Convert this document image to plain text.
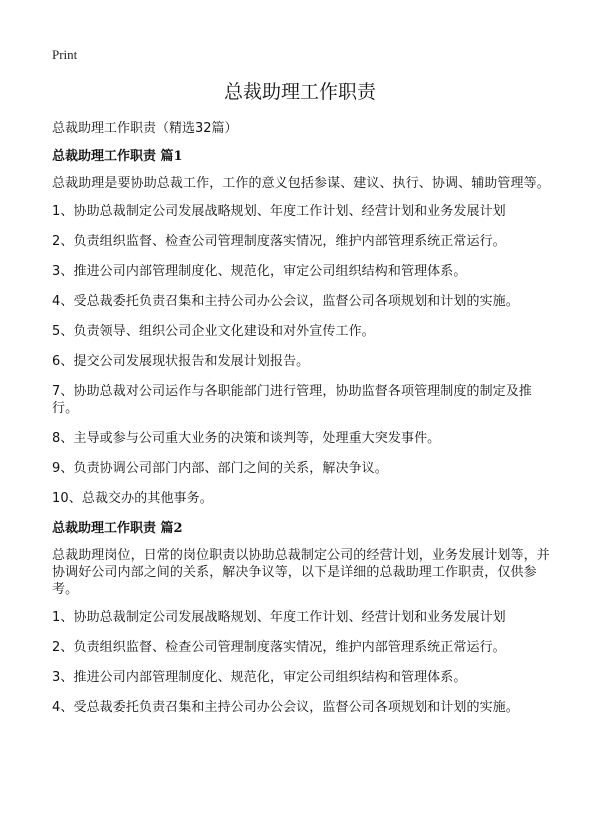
Print
总裁助理工作职责

总裁助理工作职责（精选32篇）

总裁助理工作职责 篇1

总裁助理是要协助总裁工作，工作的意义包括参谋、建议、执行、协调、辅助管理等。

1、协助总裁制定公司发展战略规划、年度工作计划、经营计划和业务发展计划

2、负责组织监督、检查公司管理制度落实情况，维护内部管理系统正常运行。

3、推进公司内部管理制度化、规范化，审定公司组织结构和管理体系。

4、受总裁委托负责召集和主持公司办公会议，监督公司各项规划和计划的实施。

5、负责领导、组织公司企业文化建设和对外宣传工作。

6、提交公司发展现状报告和发展计划报告。

7、协助总裁对公司运作与各职能部门进行管理，协助监督各项管理制度的制定及推行。

8、主导或参与公司重大业务的决策和谈判等，处理重大突发事件。

9、负责协调公司部门内部、部门之间的关系，解决争议。

10、总裁交办的其他事务。

总裁助理工作职责 篇2

总裁助理岗位，日常的岗位职责以协助总裁制定公司的经营计划，业务发展计划等，并协调好公司内部之间的关系，解决争议等，以下是详细的总裁助理工作职责，仅供参考。

1、协助总裁制定公司发展战略规划、年度工作计划、经营计划和业务发展计划

2、负责组织监督、检查公司管理制度落实情况，维护内部管理系统正常运行。

3、推进公司内部管理制度化、规范化，审定公司组织结构和管理体系。

4、受总裁委托负责召集和主持公司办公会议，监督公司各项规划和计划的实施。
